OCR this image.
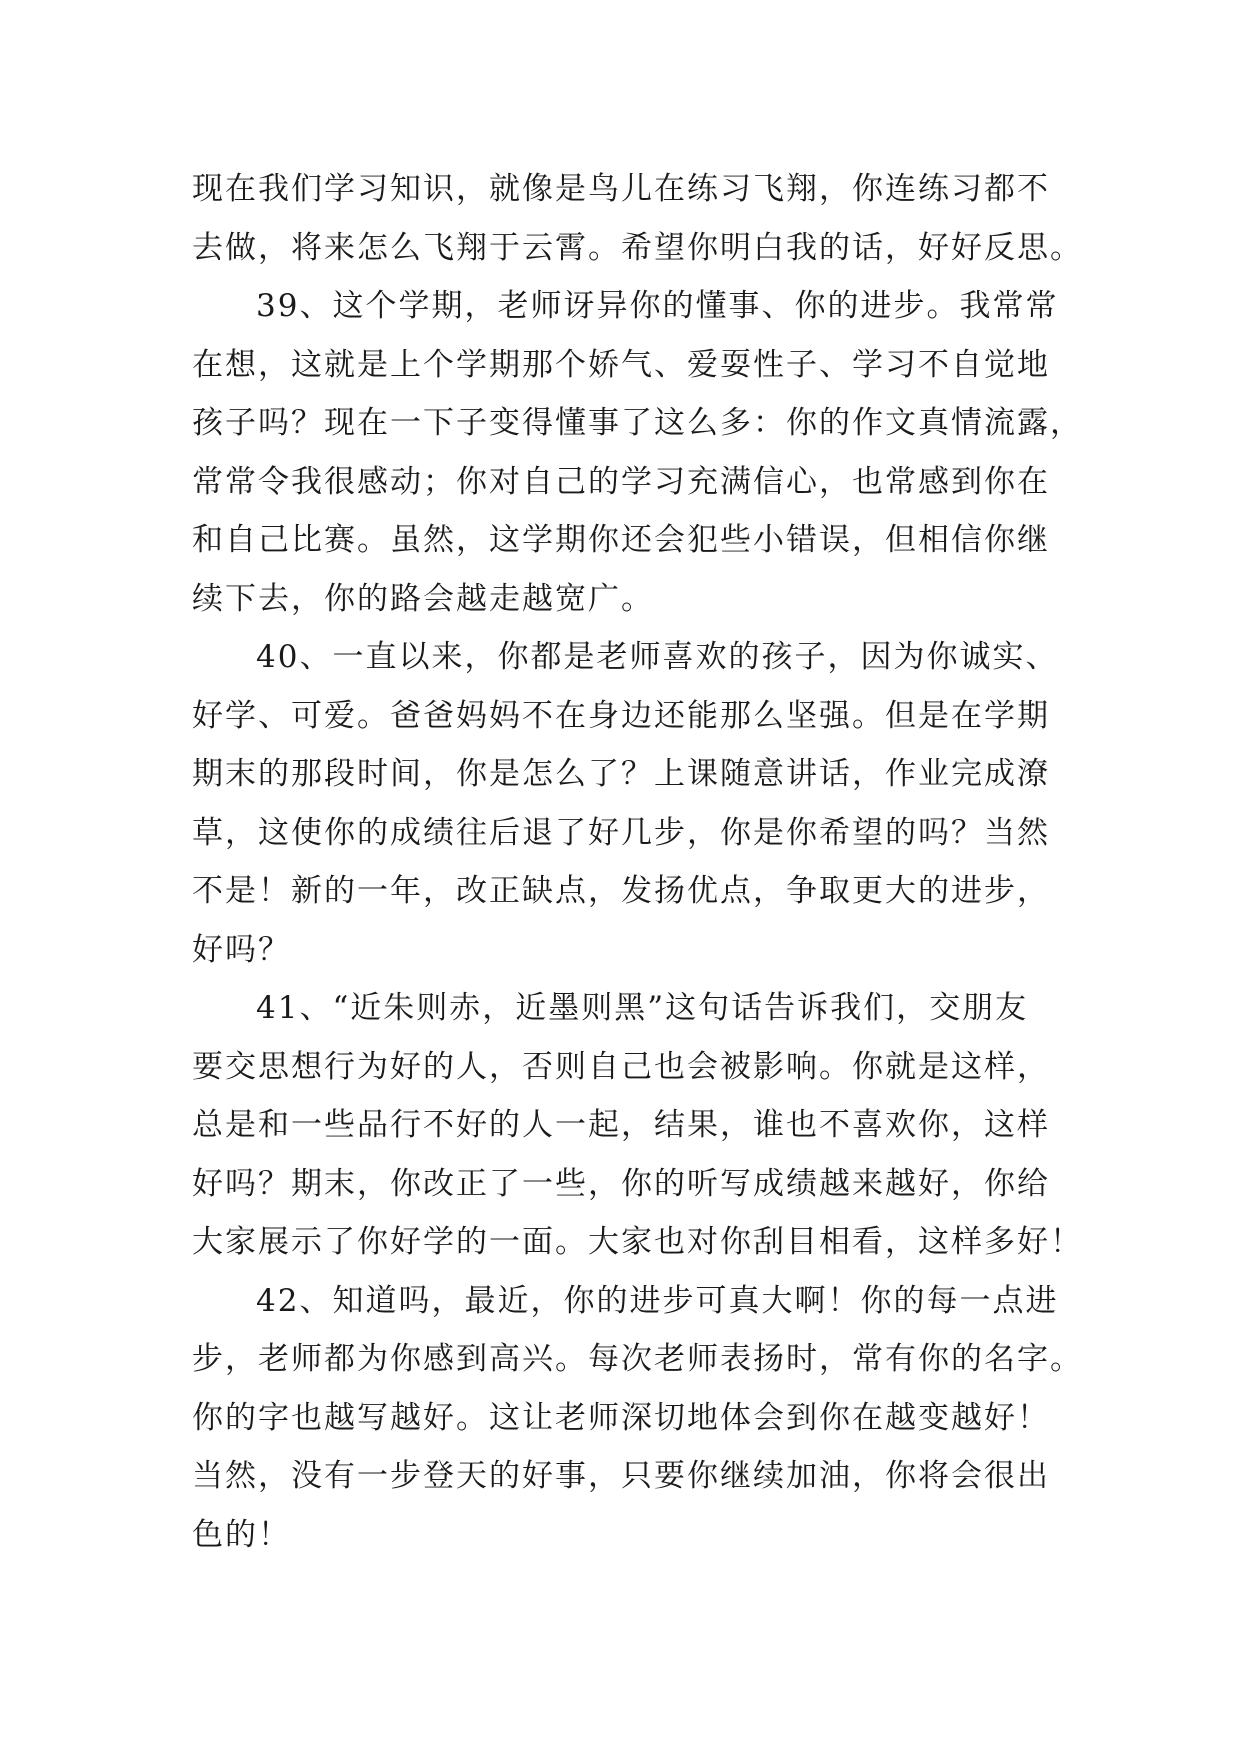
现在我们学习知识，就像是鸟儿在练习飞翔，你连练习都不
去做，将来怎么飞翔于云霄。希望你明白我的话，好好反思。
39、这个学期，老师讶异你的懂事、你的进步。我常常
在想，这就是上个学期那个娇气、爱耍性子、学习不自觉地
孩子吗？现在一下子变得懂事了这么多：你的作文真情流露，
常常令我很感动；你对自己的学习充满信心，也常感到你在
和自己比赛。虽然，这学期你还会犯些小错误，但相信你继
续下去，你的路会越走越宽广。
40、一直以来，你都是老师喜欢的孩子，因为你诚实、
好学、可爱。爸爸妈妈不在身边还能那么坚强。但是在学期
期末的那段时间，你是怎么了？上课随意讲话，作业完成潦
草，这使你的成绩往后退了好几步，你是你希望的吗？当然
不是！新的一年，改正缺点，发扬优点，争取更大的进步，
好吗？
41、“近朱则赤，近墨则黑”这句话告诉我们，交朋友
要交思想行为好的人，否则自己也会被影响。你就是这样，
总是和一些品行不好的人一起，结果，谁也不喜欢你，这样
好吗？期末，你改正了一些，你的听写成绩越来越好，你给
大家展示了你好学的一面。大家也对你刮目相看，这样多好！
42、知道吗，最近，你的进步可真大啊！你的每一点进
步，老师都为你感到高兴。每次老师表扬时，常有你的名字。
你的字也越写越好。这让老师深切地体会到你在越变越好！
当然，没有一步登天的好事，只要你继续加油，你将会很出
色的！
